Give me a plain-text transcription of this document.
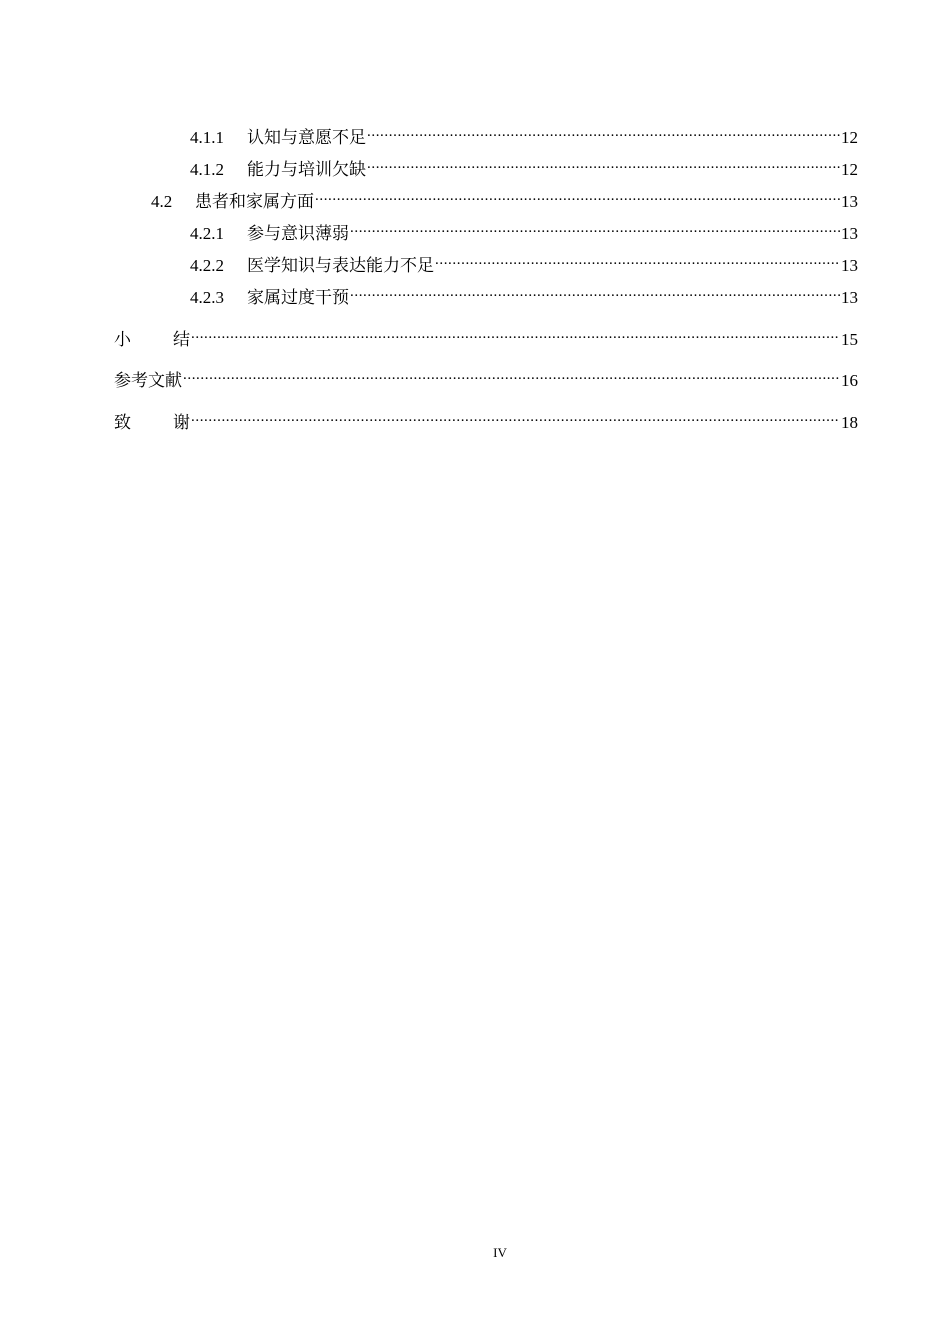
4.1.1	认知与意愿不足 .....	12
4.1.2	能力与培训欠缺 .....	12
4.2	患者和家属方面 .....	13
4.2.1	参与意识薄弱 .....	13
4.2.2	医学知识与表达能力不足 .....	13
4.2.3	家属过度干预 .....	13
小 结 .....	15
参考文献 .....	16
致 谢 .....	18
IV
